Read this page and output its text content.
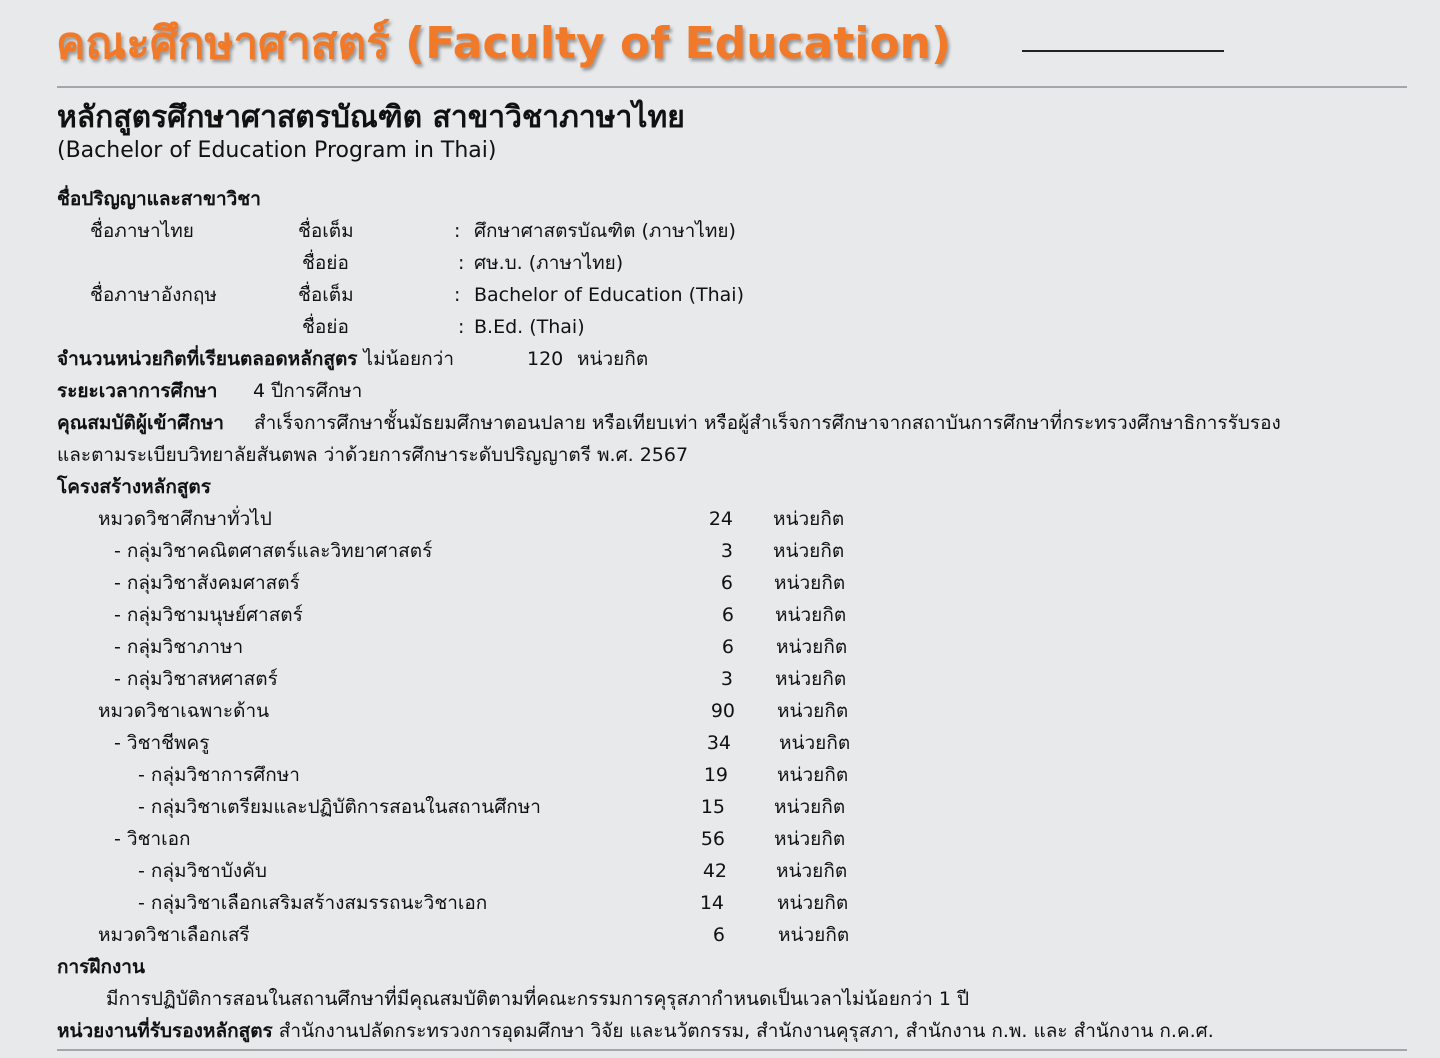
คณะศึกษาศาสตร์ (Faculty of Education)
หลักสูตรศึกษาศาสตรบัณฑิต สาขาวิชาภาษาไทย
(Bachelor of Education Program in Thai)
ชื่อปริญญาและสาขาวิชา
ชื่อภาษาไทย	ชื่อเต็ม	: ศึกษาศาสตรบัณฑิต (ภาษาไทย)
ชื่อย่อ	: ศษ.บ. (ภาษาไทย)
ชื่อภาษาอังกฤษ	ชื่อเต็ม	: Bachelor of Education (Thai)
ชื่อย่อ	: B.Ed. (Thai)
จำนวนหน่วยกิตที่เรียนตลอดหลักสูตร ไม่น้อยกว่า	120 หน่วยกิต
ระยะเวลาการศึกษา 4 ปีการศึกษา
คุณสมบัติผู้เข้าศึกษา สำเร็จการศึกษาชั้นมัธยมศึกษาตอนปลาย หรือเทียบเท่า หรือผู้สำเร็จการศึกษาจากสถาบันการศึกษาที่กระทรวงศึกษาธิการรับรอง
และตามระเบียบวิทยาลัยสันตพล ว่าด้วยการศึกษาระดับปริญญาตรี พ.ศ. 2567
โครงสร้างหลักสูตร
หมวดวิชาศึกษาทั่วไป	24 หน่วยกิต
- กลุ่มวิชาคณิตศาสตร์และวิทยาศาสตร์	3 หน่วยกิต
- กลุ่มวิชาสังคมศาสตร์	6 หน่วยกิต
- กลุ่มวิชามนุษย์ศาสตร์	6 หน่วยกิต
- กลุ่มวิชาภาษา	6 หน่วยกิต
- กลุ่มวิชาสหศาสตร์	3 หน่วยกิต
หมวดวิชาเฉพาะด้าน	90 หน่วยกิต
- วิชาชีพครู	34	หน่วยกิต
- กลุ่มวิชาการศึกษา	19	หน่วยกิต
- กลุ่มวิชาเตรียมและปฏิบัติการสอนในสถานศึกษา	15	หน่วยกิต
- วิชาเอก	56	หน่วยกิต
- กลุ่มวิชาบังคับ	42	หน่วยกิต
- กลุ่มวิชาเลือกเสริมสร้างสมรรถนะวิชาเอก	14	หน่วยกิต
หมวดวิชาเลือกเสรี	6	หน่วยกิต
การฝึกงาน
มีการปฏิบัติการสอนในสถานศึกษาที่มีคุณสมบัติตามที่คณะกรรมการคุรุสภากำหนดเป็นเวลาไม่น้อยกว่า 1 ปี
หน่วยงานที่รับรองหลักสูตร สำนักงานปลัดกระทรวงการอุดมศึกษา วิจัย และนวัตกรรม, สำนักงานคุรุสภา, สำนักงาน ก.พ. และ สำนักงาน ก.ค.ศ.
